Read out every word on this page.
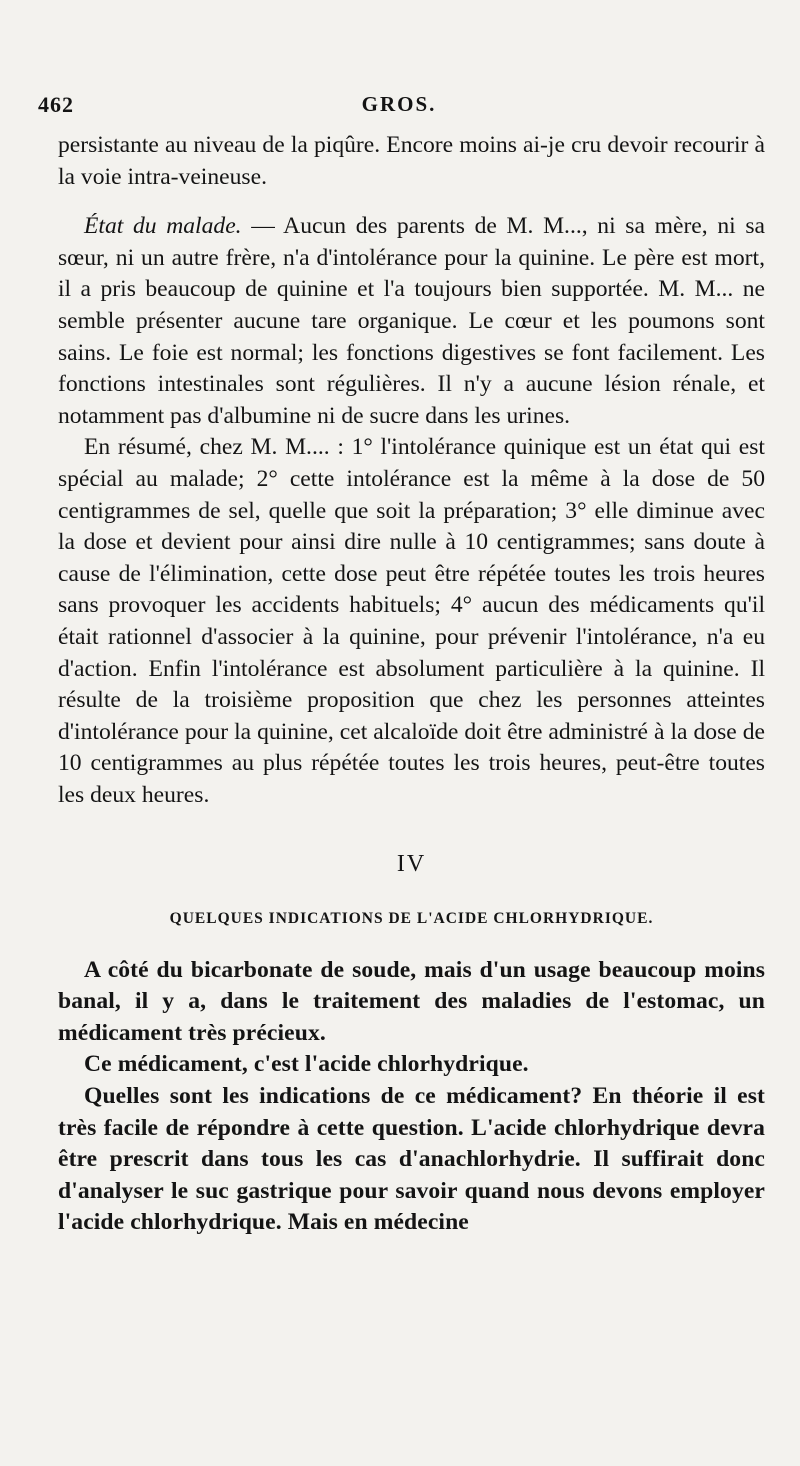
462	GROS.

persistante au niveau de la piqûre. Encore moins ai-je cru devoir recourir à la voie intra-veineuse.

État du malade. — Aucun des parents de M. M..., ni sa mère, ni sa sœur, ni un autre frère, n'a d'intolérance pour la quinine. Le père est mort, il a pris beaucoup de quinine et l'a toujours bien supportée. M. M... ne semble présenter aucune tare organique. Le cœur et les poumons sont sains. Le foie est normal; les fonctions digestives se font facilement. Les fonctions intestinales sont régulières. Il n'y a aucune lésion rénale, et notamment pas d'albumine ni de sucre dans les urines.

En résumé, chez M. M.... : 1° l'intolérance quinique est un état qui est spécial au malade; 2° cette intolérance est la même à la dose de 50 centigrammes de sel, quelle que soit la préparation; 3° elle diminue avec la dose et devient pour ainsi dire nulle à 10 centigrammes; sans doute à cause de l'élimination, cette dose peut être répétée toutes les trois heures sans provoquer les accidents habituels; 4° aucun des médicaments qu'il était rationnel d'associer à la quinine, pour prévenir l'intolérance, n'a eu d'action. Enfin l'intolérance est absolument particulière à la quinine. Il résulte de la troisième proposition que chez les personnes atteintes d'intolérance pour la quinine, cet alcaloïde doit être administré à la dose de 10 centigrammes au plus répétée toutes les trois heures, peut-être toutes les deux heures.

IV
QUELQUES INDICATIONS DE L'ACIDE CHLORHYDRIQUE.

A côté du bicarbonate de soude, mais d'un usage beaucoup moins banal, il y a, dans le traitement des maladies de l'estomac, un médicament très précieux.

Ce médicament, c'est l'acide chlorhydrique.

Quelles sont les indications de ce médicament? En théorie il est très facile de répondre à cette question. L'acide chlorhydrique devra être prescrit dans tous les cas d'anachlorhydrie. Il suffirait donc d'analyser le suc gastrique pour savoir quand nous devons employer l'acide chlorhydrique. Mais en médecine
